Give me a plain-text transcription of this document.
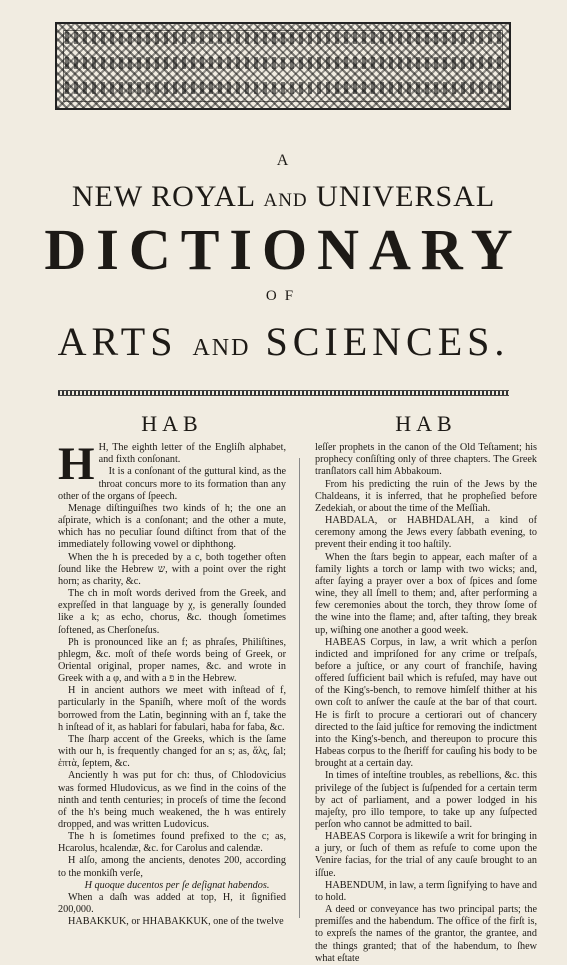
A
NEW ROYAL AND UNIVERSAL
DICTIONARY
OF
ARTS AND SCIENCES.
HAB

H H, The eighth letter of the Engliſh alphabet, and fixth conſonant.

It is a conſonant of the guttural kind, as the throat concurs more to its formation than any other of the organs of ſpeech.

Menage diſtinguiſhes two kinds of h; the one an aſpirate, which is a conſonant; and the other a mute, which has no peculiar ſound diſtinct from that of the immediately following vowel or diphthong.

When the h is preceded by a c, both together often ſound like the Hebrew ש, with a point over the right horn; as charity, &c.

The ch in moſt words derived from the Greek, and expreſſed in that language by χ, is generally ſounded like a k; as echo, chorus, &c. though ſometimes ſoftened, as Cherſoneſus.

Ph is pronounced like an f; as phraſes, Philiſtines, phlegm, &c. moſt of theſe words being of Greek, or Oriental original, proper names, &c. and wrote in Greek with a φ, and with a פ in the Hebrew.

H in ancient authors we meet with inſtead of f, particularly in the Spaniſh, where moſt of the words borrowed from the Latin, beginning with an f, take the h inſtead of it, as hablari for fabulari, haba for faba, &c.

The ſharp accent of the Greeks, which is the ſame with our h, is frequently changed for an s; as, ἅλς, ſal; ἑπτὰ, ſeptem, &c.

Anciently h was put for ch: thus, of Chlodovicius was formed Hludovicus, as we find in the coins of the ninth and tenth centuries; in proceſs of time the ſecond of the h's being much weakened, the h was entirely dropped, and was written Ludovicus.

The h is ſometimes found prefixed to the c; as, Hcarolus, hcalendæ, &c. for Carolus and calendæ.

H alſo, among the ancients, denotes 200, according to the monkiſh verſe,

H quoque ducentos per ſe deſignat habendos.

When a daſh was added at top, H, it ſignified 200,000.

HABAKKUK, or HHABAKKUK, one of the twelve

HAB

leſſer prophets in the canon of the Old Teſtament; his prophecy conſiſting only of three chapters. The Greek tranſlators call him Abbakoum.

From his predicting the ruin of the Jews by the Chaldeans, it is inferred, that he propheſied before Zedekiah, or about the time of the Meſſiah.

HABDALA, or HABHDALAH, a kind of ceremony among the Jews every ſabbath evening, to prevent their ending it too haſtily.

When the ſtars begin to appear, each maſter of a family lights a torch or lamp with two wicks; and, after ſaying a prayer over a box of ſpices and ſome wine, they all ſmell to them; and, after performing a few ceremonies about the torch, they throw ſome of the wine into the flame; and, after taſting, they break up, wiſhing one another a good week.

HABEAS Corpus, in law, a writ which a perſon indicted and impriſoned for any crime or treſpaſs, before a juſtice, or any court of franchiſe, having offered ſufficient bail which is refuſed, may have out of the King's-bench, to remove himſelf thither at his own coſt to anſwer the cauſe at the bar of that court. He is firſt to procure a certiorari out of chancery directed to the ſaid juſtice for removing the indictment into the King's-bench, and thereupon to procure this Habeas corpus to the ſheriff for cauſing his body to be brought at a certain day.

In times of inteſtine troubles, as rebellions, &c. this privilege of the ſubject is ſuſpended for a certain term by act of parliament, and a power lodged in his majeſty, pro illo tempore, to take up any ſuſpected perſon who cannot be admitted to bail.

HABEAS Corpora is likewiſe a writ for bringing in a jury, or ſuch of them as refuſe to come upon the Venire facias, for the trial of any cauſe brought to an iſſue.

HABENDUM, in law, a term ſignifying to have and to hold.

A deed or conveyance has two principal parts; the premiſſes and the habendum. The office of the firſt is, to expreſs the names of the grantor, the grantee, and the things granted; that of the habendum, to ſhew what eſtate
